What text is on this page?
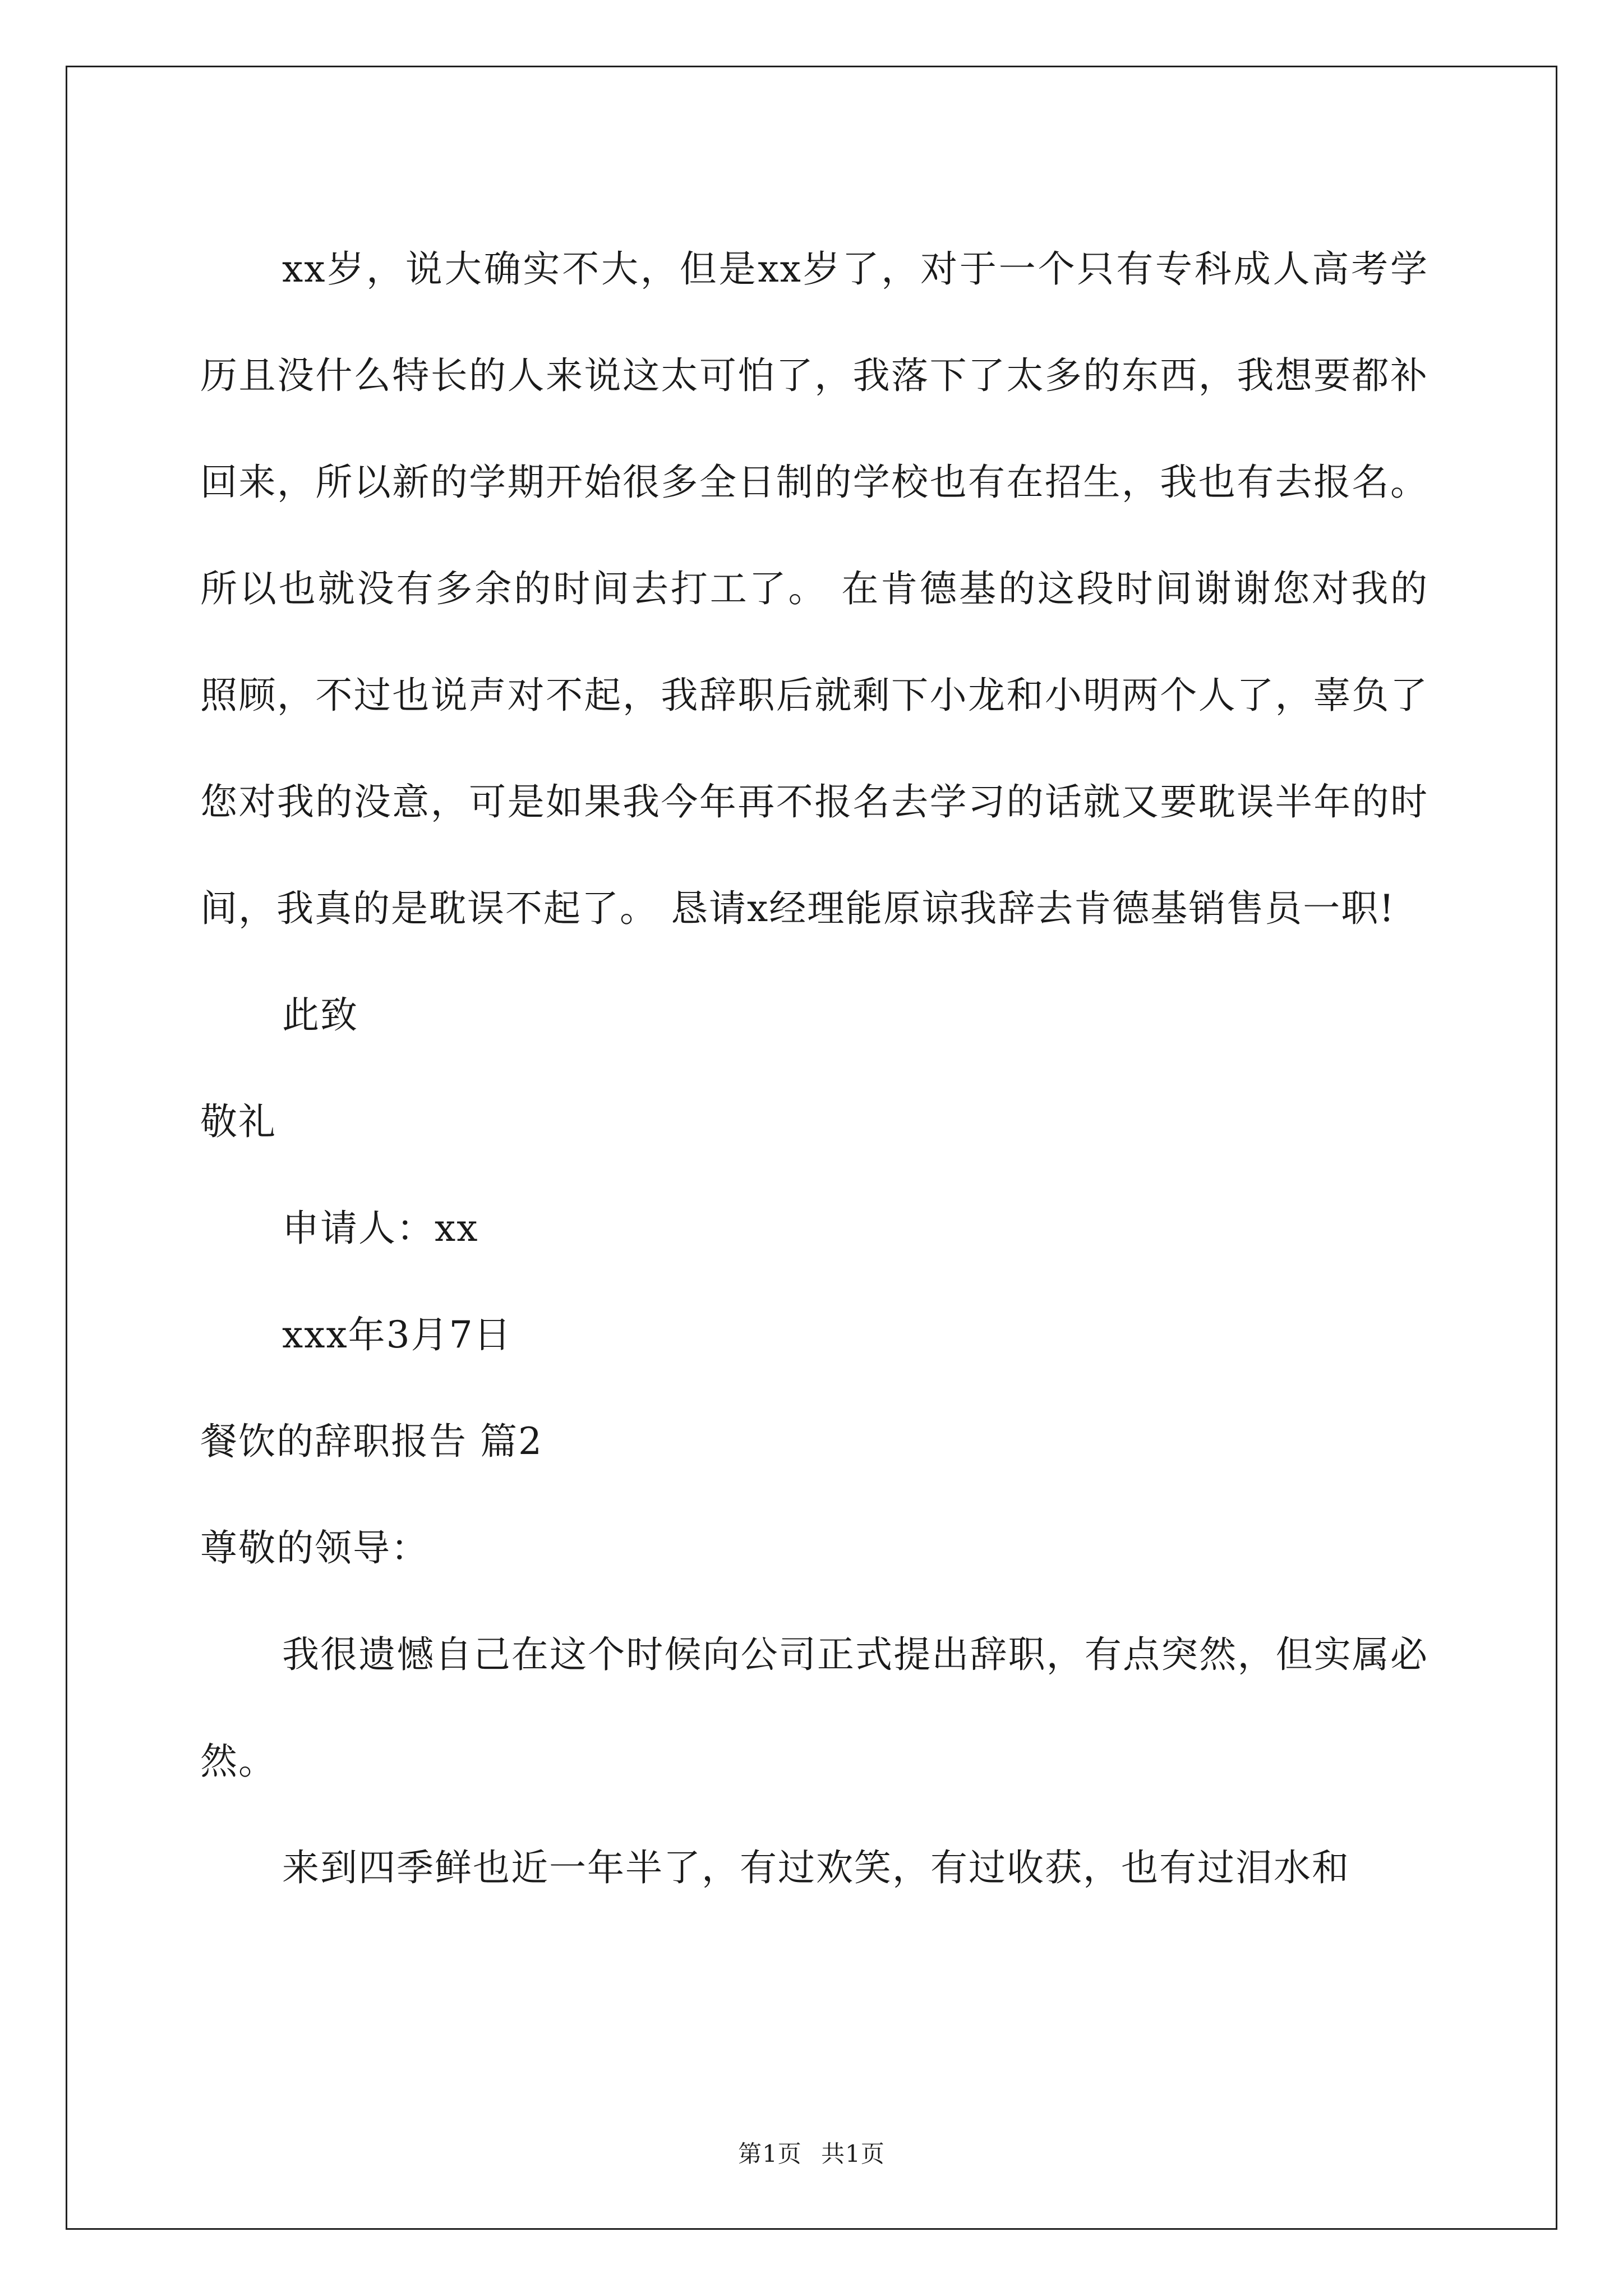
xx岁，说大确实不大，但是xx岁了，对于一个只有专科成人高考学历且没什么特长的人来说这太可怕了，我落下了太多的东西，我想要都补回来，所以新的学期开始很多全日制的学校也有在招生，我也有去报名。所以也就没有多余的时间去打工了。 在肯德基的这段时间谢谢您对我的照顾，不过也说声对不起，我辞职后就剩下小龙和小明两个人了，辜负了您对我的没意，可是如果我今年再不报名去学习的话就又要耽误半年的时间，我真的是耽误不起了。 恳请x经理能原谅我辞去肯德基销售员一职!

此致

敬礼

申请人：xx

xxx年3月7日

餐饮的辞职报告 篇2

尊敬的领导：

我很遗憾自己在这个时候向公司正式提出辞职，有点突然，但实属必然。

来到四季鲜也近一年半了，有过欢笑，有过收获，也有过泪水和

第1页 共1页
